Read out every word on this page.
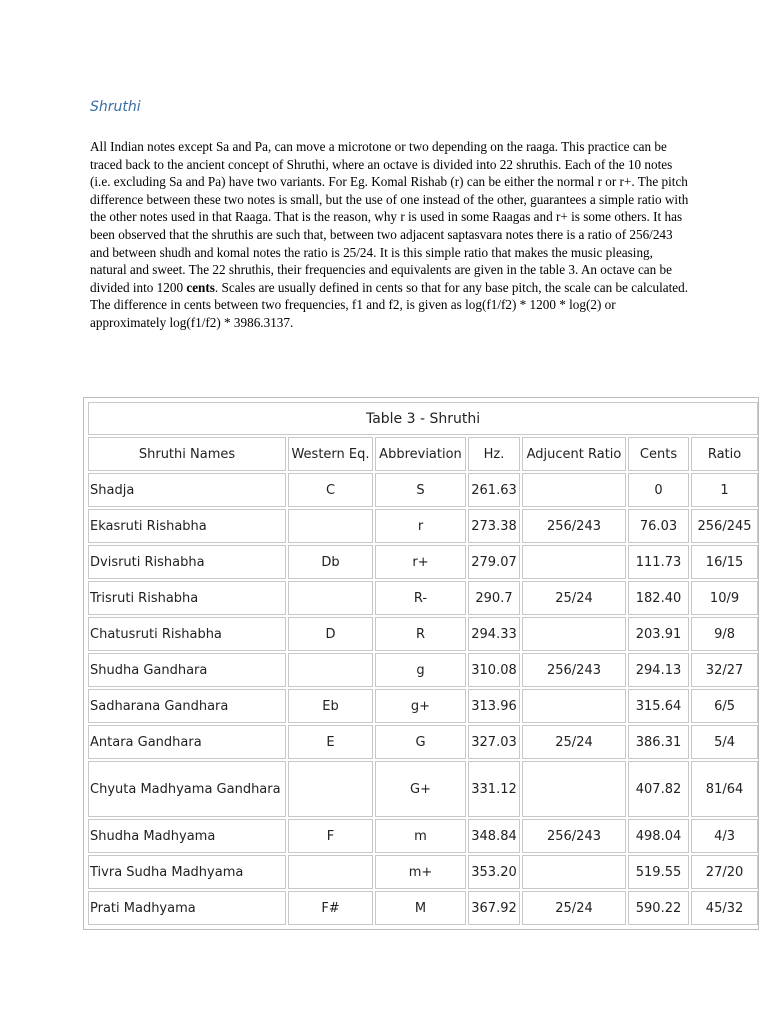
Shruthi

All Indian notes except Sa and Pa, can move a microtone or two depending on the raaga. This practice can be traced back to the ancient concept of Shruthi, where an octave is divided into 22 shruthis. Each of the 10 notes (i.e. excluding Sa and Pa) have two variants. For Eg. Komal Rishab (r) can be either the normal r or r+. The pitch difference between these two notes is small, but the use of one instead of the other, guarantees a simple ratio with the other notes used in that Raaga. That is the reason, why r is used in some Raagas and r+ is some others. It has been observed that the shruthis are such that, between two adjacent saptasvara notes there is a ratio of 256/243 and between shudh and komal notes the ratio is 25/24. It is this simple ratio that makes the music pleasing, natural and sweet. The 22 shruthis, their frequencies and equivalents are given in the table 3. An octave can be divided into 1200 cents. Scales are usually defined in cents so that for any base pitch, the scale can be calculated. The difference in cents between two frequencies, f1 and f2, is given as log(f1/f2) * 1200 * log(2) or approximately log(f1/f2) * 3986.3137.

Table 3 - Shruthi						
Shruthi Names	Western Eq.	Abbreviation	Hz.	Adjucent Ratio	Cents	Ratio
Shadja	C	S	261.63		0	1
Ekasruti Rishabha		r	273.38	256/243	76.03	256/245
Dvisruti Rishabha	Db	r+	279.07		111.73	16/15
Trisruti Rishabha		R-	290.7	25/24	182.40	10/9
Chatusruti Rishabha	D	R	294.33		203.91	9/8
Shudha Gandhara		g	310.08	256/243	294.13	32/27
Sadharana Gandhara	Eb	g+	313.96		315.64	6/5
Antara Gandhara	E	G	327.03	25/24	386.31	5/4
Chyuta Madhyama Gandhara		G+	331.12		407.82	81/64
Shudha Madhyama	F	m	348.84	256/243	498.04	4/3
Tivra Sudha Madhyama		m+	353.20		519.55	27/20
Prati Madhyama	F#	M	367.92	25/24	590.22	45/32
